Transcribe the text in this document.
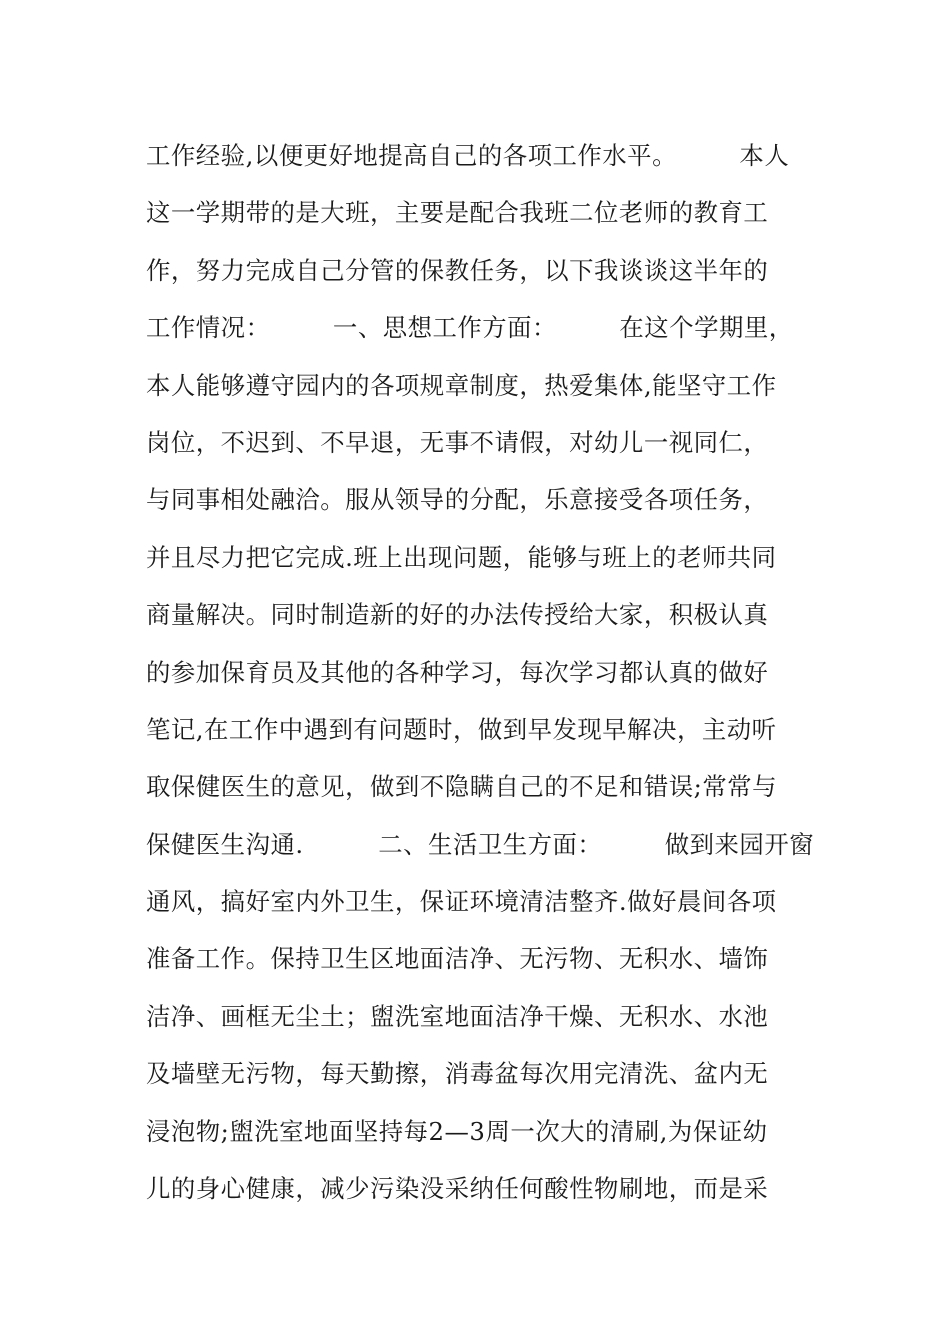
工作经验,以便更好地提高自己的各项工作水平。　　　本人
这一学期带的是大班，主要是配合我班二位老师的教育工
作，努力完成自己分管的保教任务，以下我谈谈这半年的
工作情况：　　　一、思想工作方面：　　　在这个学期里，
本人能够遵守园内的各项规章制度，热爱集体,能坚守工作
岗位，不迟到、不早退，无事不请假，对幼儿一视同仁，
与同事相处融洽。服从领导的分配，乐意接受各项任务，
并且尽力把它完成.班上出现问题，能够与班上的老师共同
商量解决。同时制造新的好的办法传授给大家，积极认真
的参加保育员及其他的各种学习，每次学习都认真的做好
笔记,在工作中遇到有问题时，做到早发现早解决，主动听
取保健医生的意见，做到不隐瞒自己的不足和错误;常常与
保健医生沟通.　　　二、生活卫生方面：　　　做到来园开窗
通风，搞好室内外卫生，保证环境清洁整齐.做好晨间各项
准备工作。保持卫生区地面洁净、无污物、无积水、墙饰
洁净、画框无尘土；盥洗室地面洁净干燥、无积水、水池
及墙壁无污物，每天勤擦，消毒盆每次用完清洗、盆内无
浸泡物;盥洗室地面坚持每2—3周一次大的清刷,为保证幼
儿的身心健康，减少污染没采纳任何酸性物刷地，而是采
